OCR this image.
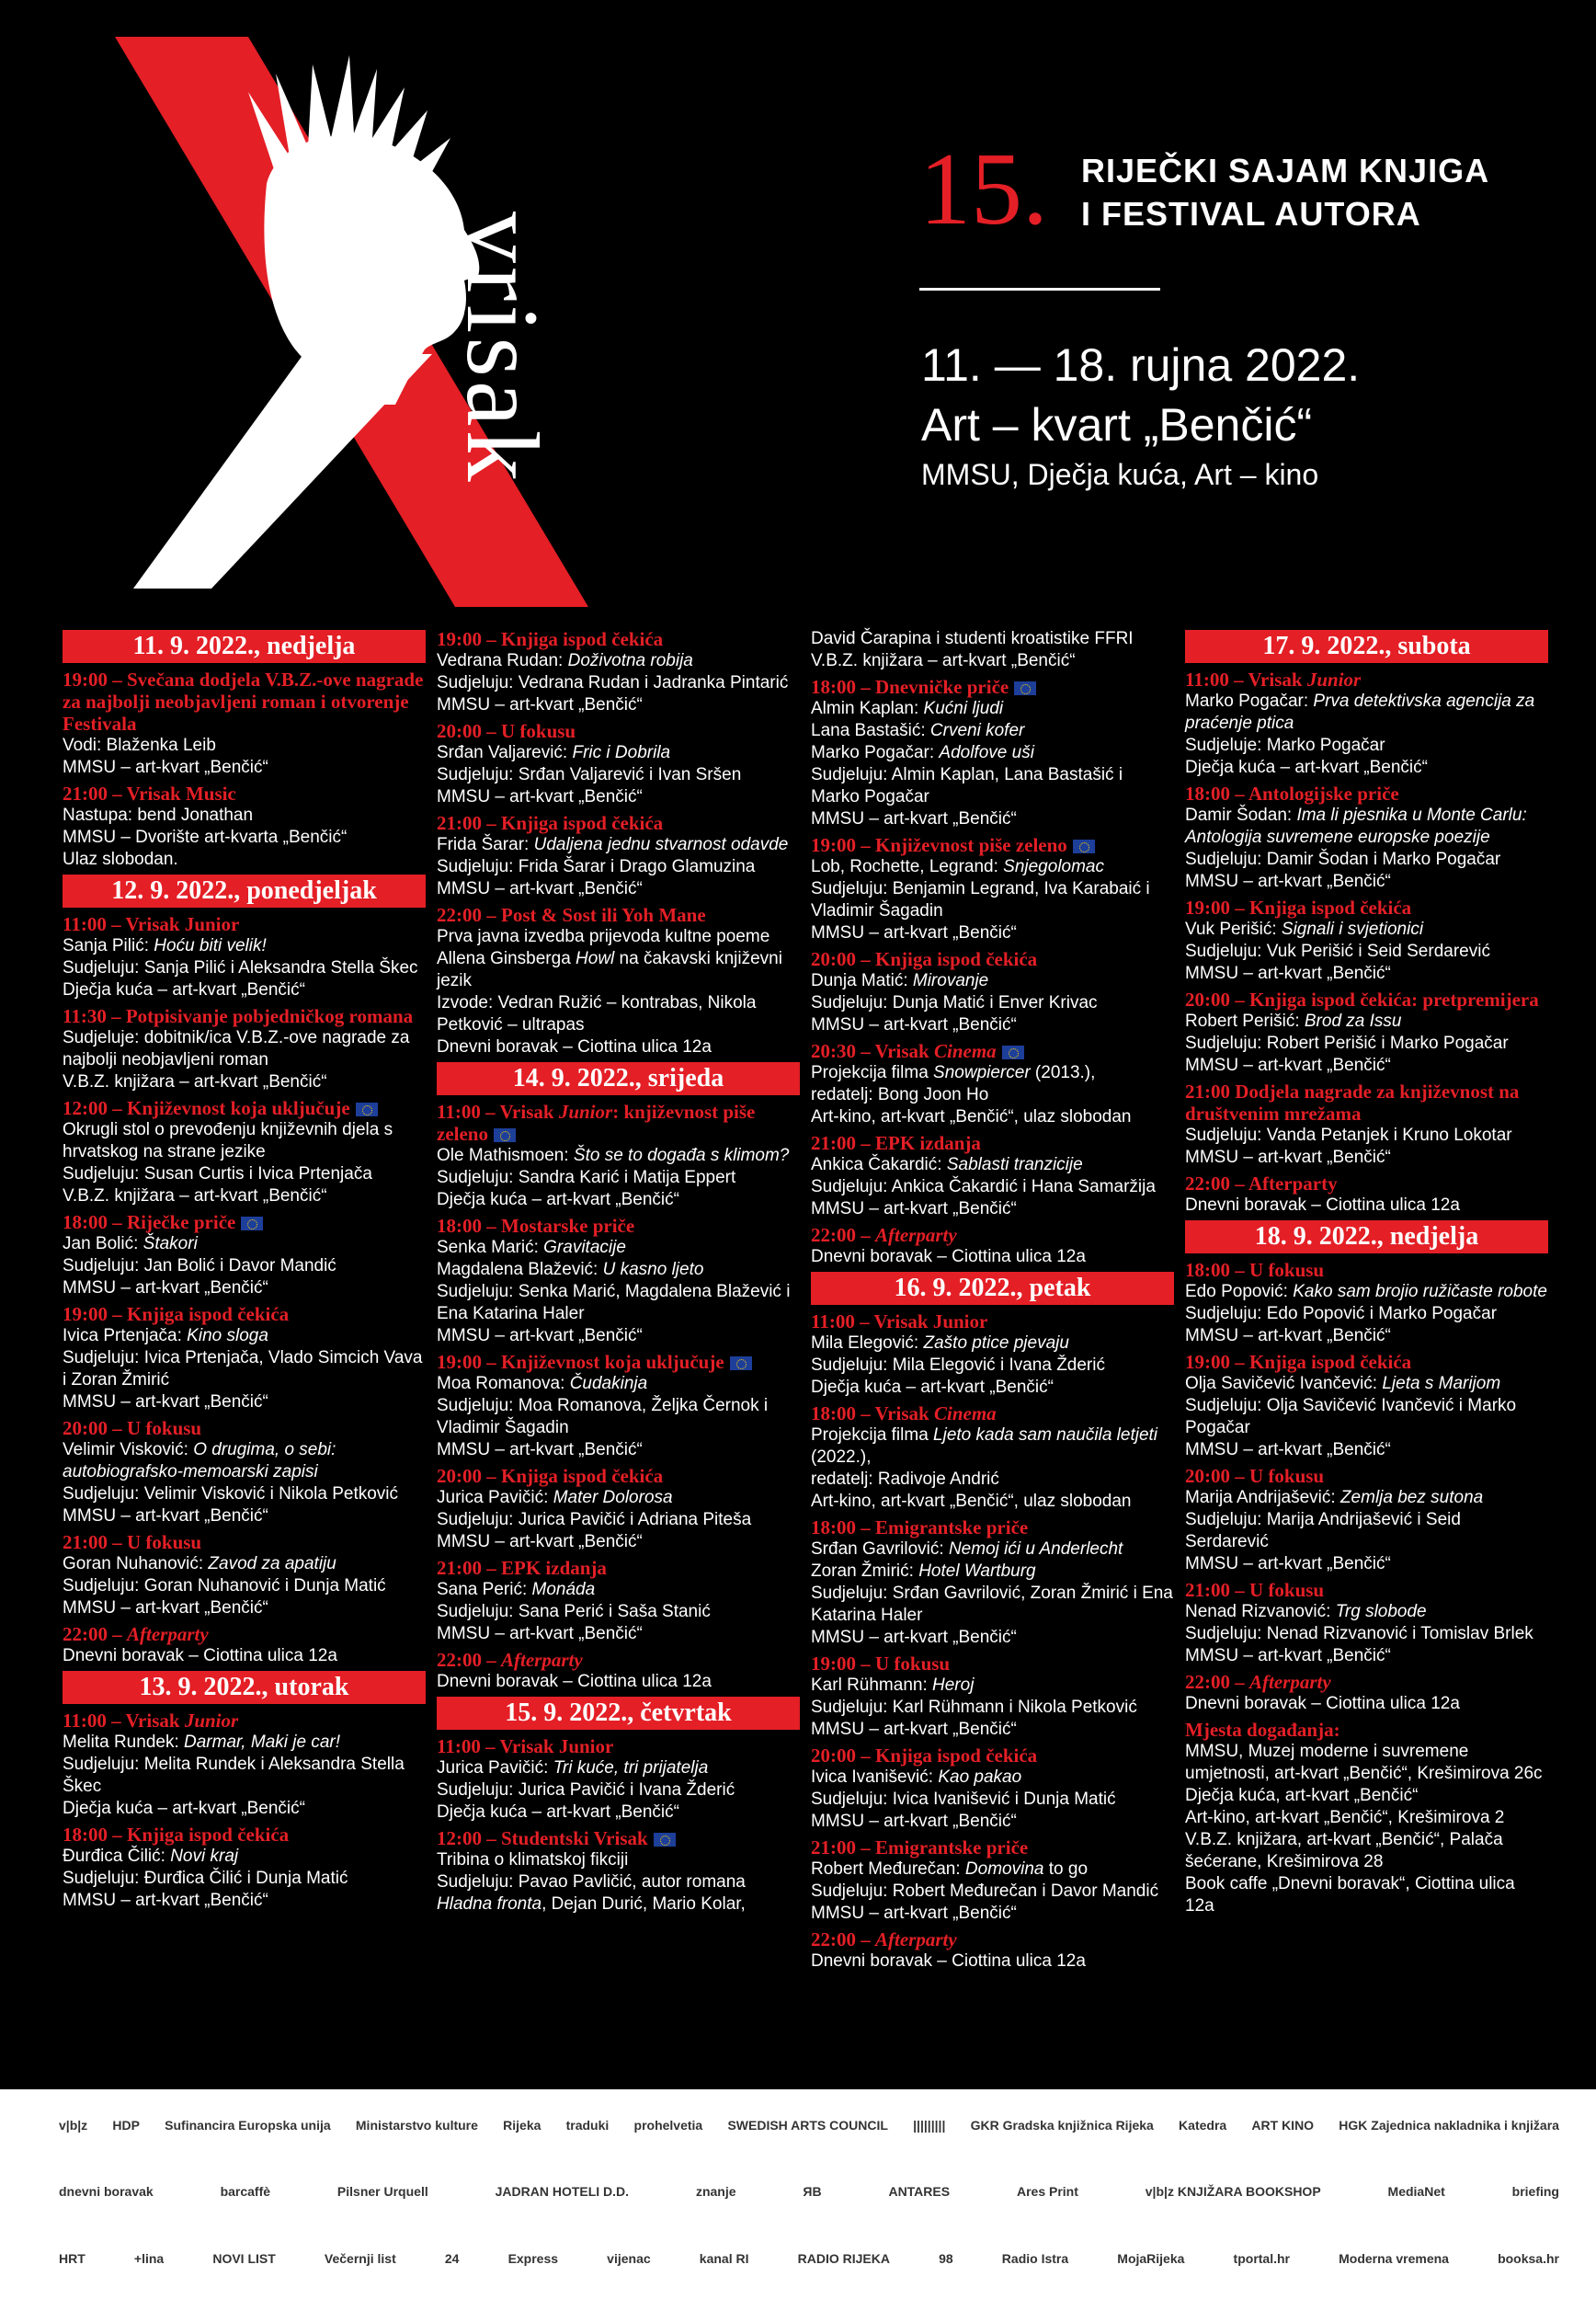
vrisak
15. RIJEČKI SAJAM KNJIGA
I FESTIVAL AUTORA
11. — 18. rujna 2022.
Art – kvart „Benčić“
MMSU, Dječja kuća, Art – kino
11. 9. 2022., nedjelja
19:00 – Svečana dodjela V.B.Z.-ove nagrade za najbolji neobjavljeni roman i otvorenje Festivala
Vodi: Blaženka Leib
MMSU – art-kvart „Benčić“
21:00 – Vrisak Music
Nastupa: bend Jonathan
MMSU – Dvorište art-kvarta „Benčić“
Ulaz slobodan.
12. 9. 2022., ponedjeljak
11:00 – Vrisak Junior
Sanja Pilić: Hoću biti velik!
Sudjeluju: Sanja Pilić i Aleksandra Stella Škec
Dječja kuća – art-kvart „Benčić“
11:30 – Potpisivanje pobjedničkog romana
Sudjeluje: dobitnik/ica V.B.Z.-ove nagrade za najbolji neobjavljeni roman
V.B.Z. knjižara – art-kvart „Benčić“
12:00 – Književnost koja uključuje
Okrugli stol o prevođenju književnih djela s hrvatskog na strane jezike
Sudjeluju: Susan Curtis i Ivica Prtenjača
V.B.Z. knjižara – art-kvart „Benčić“
18:00 – Riječke priče
Jan Bolić: Štakori
Sudjeluju: Jan Bolić i Davor Mandić
MMSU – art-kvart „Benčić“
19:00 – Knjiga ispod čekića
Ivica Prtenjača: Kino sloga
Sudjeluju: Ivica Prtenjača, Vlado Simcich Vava i Zoran Žmirić
MMSU – art-kvart „Benčić“
20:00 – U fokusu
Velimir Visković: O drugima, o sebi: autobiografsko-memoarski zapisi
Sudjeluju: Velimir Visković i Nikola Petković
MMSU – art-kvart „Benčić“
21:00 – U fokusu
Goran Nuhanović: Zavod za apatiju
Sudjeluju: Goran Nuhanović i Dunja Matić
MMSU – art-kvart „Benčić“
22:00 – Afterparty
Dnevni boravak – Ciottina ulica 12a
13. 9. 2022., utorak
11:00 – Vrisak Junior
Melita Rundek: Darmar, Maki je car!
Sudjeluju: Melita Rundek i Aleksandra Stella Škec
Dječja kuća – art-kvart „Benčić“
18:00 – Knjiga ispod čekića
Đurđica Čilić: Novi kraj
Sudjeluju: Đurđica Čilić i Dunja Matić
MMSU – art-kvart „Benčić“
19:00 – Knjiga ispod čekića
Vedrana Rudan: Doživotna robija
Sudjeluju: Vedrana Rudan i Jadranka Pintarić
MMSU – art-kvart „Benčić“
20:00 – U fokusu
Srđan Valjarević: Fric i Dobrila
Sudjeluju: Srđan Valjarević i Ivan Sršen
MMSU – art-kvart „Benčić“
21:00 – Knjiga ispod čekića
Frida Šarar: Udaljena jednu stvarnost odavde
Sudjeluju: Frida Šarar i Drago Glamuzina
MMSU – art-kvart „Benčić“
22:00 – Post & Sost ili Yoh Mane
Prva javna izvedba prijevoda kultne poeme Allena Ginsberga Howl na čakavski književni jezik
Izvode: Vedran Ružić – kontrabas, Nikola Petković – ultrapas
Dnevni boravak – Ciottina ulica 12a
14. 9. 2022., srijeda
11:00 – Vrisak Junior: književnost piše zeleno
Ole Mathismoen: Što se to događa s klimom?
Sudjeluju: Sandra Karić i Matija Eppert
Dječja kuća – art-kvart „Benčić“
18:00 – Mostarske priče
Senka Marić: Gravitacije
Magdalena Blažević: U kasno ljeto
Sudjeluju: Senka Marić, Magdalena Blažević i Ena Katarina Haler
MMSU – art-kvart „Benčić“
19:00 – Književnost koja uključuje
Moa Romanova: Čudakinja
Sudjeluju: Moa Romanova, Željka Černok i Vladimir Šagadin
MMSU – art-kvart „Benčić“
20:00 – Knjiga ispod čekića
Jurica Pavičić: Mater Dolorosa
Sudjeluju: Jurica Pavičić i Adriana Piteša
MMSU – art-kvart „Benčić“
21:00 – EPK izdanja
Sana Perić: Monáda
Sudjeluju: Sana Perić i Saša Stanić
MMSU – art-kvart „Benčić“
22:00 – Afterparty
Dnevni boravak – Ciottina ulica 12a
15. 9. 2022., četvrtak
11:00 – Vrisak Junior
Jurica Pavičić: Tri kuće, tri prijatelja
Sudjeluju: Jurica Pavičić i Ivana Žderić
Dječja kuća – art-kvart „Benčić“
12:00 – Studentski Vrisak
Tribina o klimatskoj fikciji
Sudjeluju: Pavao Pavličić, autor romana Hladna fronta, Dejan Durić, Mario Kolar,
David Čarapina i studenti kroatistike FFRI
V.B.Z. knjižara – art-kvart „Benčić“
18:00 – Dnevničke priče
Almin Kaplan: Kućni ljudi
Lana Bastašić: Crveni kofer
Marko Pogačar: Adolfove uši
Sudjeluju: Almin Kaplan, Lana Bastašić i Marko Pogačar
MMSU – art-kvart „Benčić“
19:00 – Književnost piše zeleno
Lob, Rochette, Legrand: Snjegolomac
Sudjeluju: Benjamin Legrand, Iva Karabaić i Vladimir Šagadin
MMSU – art-kvart „Benčić“
20:00 – Knjiga ispod čekića
Dunja Matić: Mirovanje
Sudjeluju: Dunja Matić i Enver Krivac
MMSU – art-kvart „Benčić“
20:30 – Vrisak Cinema
Projekcija filma Snowpiercer (2013.),
redatelj: Bong Joon Ho
Art-kino, art-kvart „Benčić“, ulaz slobodan
21:00 – EPK izdanja
Ankica Čakardić: Sablasti tranzicije
Sudjeluju: Ankica Čakardić i Hana Samaržija
MMSU – art-kvart „Benčić“
22:00 – Afterparty
Dnevni boravak – Ciottina ulica 12a
16. 9. 2022., petak
11:00 – Vrisak Junior
Mila Elegović: Zašto ptice pjevaju
Sudjeluju: Mila Elegović i Ivana Žderić
Dječja kuća – art-kvart „Benčić“
18:00 – Vrisak Cinema
Projekcija filma Ljeto kada sam naučila letjeti (2022.),
redatelj: Radivoje Andrić
Art-kino, art-kvart „Benčić“, ulaz slobodan
18:00 – Emigrantske priče
Srđan Gavrilović: Nemoj ići u Anderlecht
Zoran Žmirić: Hotel Wartburg
Sudjeluju: Srđan Gavrilović, Zoran Žmirić i Ena Katarina Haler
MMSU – art-kvart „Benčić“
19:00 – U fokusu
Karl Rühmann: Heroj
Sudjeluju: Karl Rühmann i Nikola Petković
MMSU – art-kvart „Benčić“
20:00 – Knjiga ispod čekića
Ivica Ivanišević: Kao pakao
Sudjeluju: Ivica Ivanišević i Dunja Matić
MMSU – art-kvart „Benčić“
21:00 – Emigrantske priče
Robert Međurečan: Domovina to go
Sudjeluju: Robert Međurečan i Davor Mandić
MMSU – art-kvart „Benčić“
22:00 – Afterparty
Dnevni boravak – Ciottina ulica 12a
17. 9. 2022., subota
11:00 – Vrisak Junior
Marko Pogačar: Prva detektivska agencija za praćenje ptica
Sudjeluje: Marko Pogačar
Dječja kuća – art-kvart „Benčić“
18:00 – Antologijske priče
Damir Šodan: Ima li pjesnika u Monte Carlu: Antologija suvremene europske poezije
Sudjeluju: Damir Šodan i Marko Pogačar
MMSU – art-kvart „Benčić“
19:00 – Knjiga ispod čekića
Vuk Perišić: Signali i svjetionici
Sudjeluju: Vuk Perišić i Seid Serdarević
MMSU – art-kvart „Benčić“
20:00 – Knjiga ispod čekića: pretpremijera
Robert Perišić: Brod za Issu
Sudjeluju: Robert Perišić i Marko Pogačar
MMSU – art-kvart „Benčić“
21:00 Dodjela nagrade za književnost na društvenim mrežama
Sudjeluju: Vanda Petanjek i Kruno Lokotar
MMSU – art-kvart „Benčić“
22:00 – Afterparty
Dnevni boravak – Ciottina ulica 12a
18. 9. 2022., nedjelja
18:00 – U fokusu
Edo Popović: Kako sam brojio ružičaste robote
Sudjeluju: Edo Popović i Marko Pogačar
MMSU – art-kvart „Benčić“
19:00 – Knjiga ispod čekića
Olja Savičević Ivančević: Ljeta s Marijom
Sudjeluju: Olja Savičević Ivančević i Marko Pogačar
MMSU – art-kvart „Benčić“
20:00 – U fokusu
Marija Andrijašević: Zemlja bez sutona
Sudjeluju: Marija Andrijašević i Seid Serdarević
MMSU – art-kvart „Benčić“
21:00 – U fokusu
Nenad Rizvanović: Trg slobode
Sudjeluju: Nenad Rizvanović i Tomislav Brlek
MMSU – art-kvart „Benčić“
22:00 – Afterparty
Dnevni boravak – Ciottina ulica 12a
Mjesta događanja:
MMSU, Muzej moderne i suvremene umjetnosti, art-kvart „Benčić“, Krešimirova 26c
Dječja kuća, art-kvart „Benčić“
Art-kino, art-kvart „Benčić“, Krešimirova 2
V.B.Z. knjižara, art-kvart „Benčić“, Palača šećerane, Krešimirova 28
Book caffe „Dnevni boravak“, Ciottina ulica 12a
v|b|z HDP Sufinancira Europska unija Ministarstvo kulture Rijeka traduki prohelvetia SWEDISH ARTS COUNCIL ||||||||| GKR Gradska knjižnica Rijeka Katedra ART KINO HGK Zajednica nakladnika i knjižara
dnevni boravak	barcaffè	Pilsner Urquell	JADRAN HOTELI D.D.	znanje	ЯB	ANTARES	Ares Print	v|b|z KNJIŽARA BOOKSHOP	MediaNet	briefing
HRT	+lina	NOVI LIST	Večernji list	24	Express	vijenac	kanal RI	RADIO RIJEKA	98	Radio Istra	MojaRijeka	tportal.hr	Moderna vremena	booksa.hr
